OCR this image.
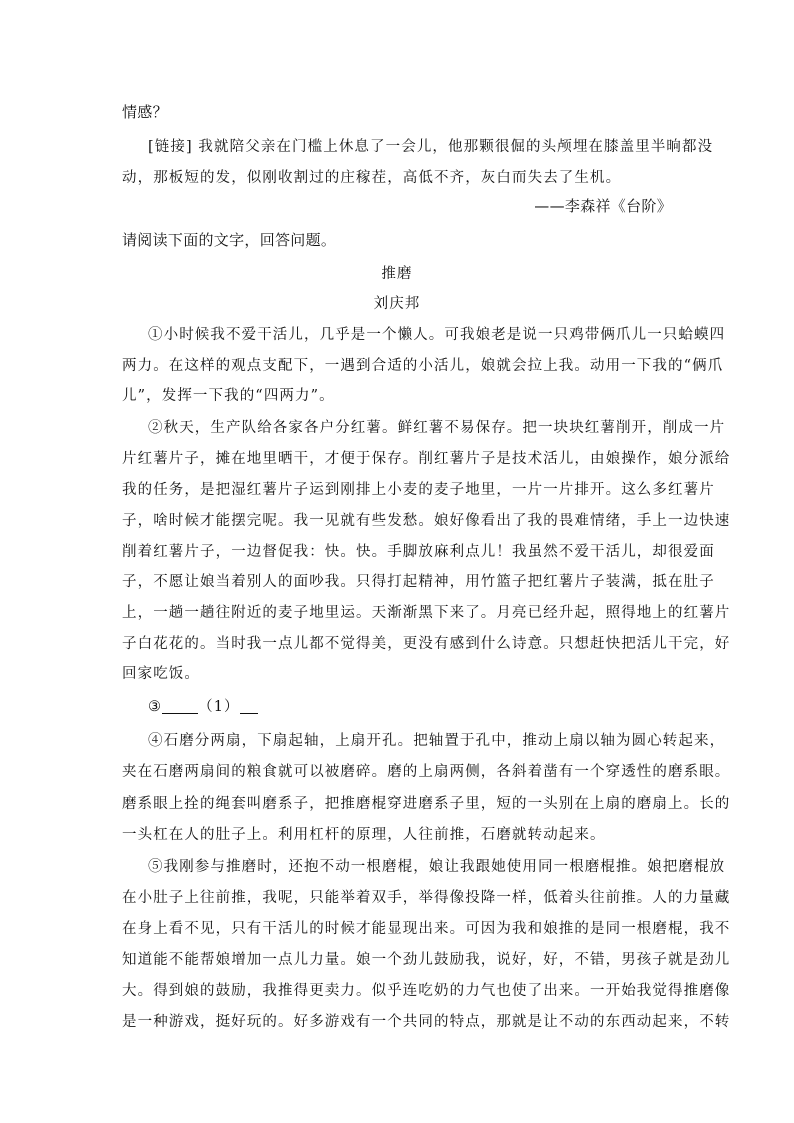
情感？
[链接] 我就陪父亲在门槛上休息了一会儿，他那颗很倔的头颅埋在膝盖里半晌都没
动，那板短的发，似刚收割过的庄稼茬，高低不齐，灰白而失去了生机。
——李森祥《台阶》
请阅读下面的文字，回答问题。
推磨
刘庆邦
①小时候我不爱干活儿，几乎是一个懒人。可我娘老是说一只鸡带俩爪儿一只蛤蟆四
两力。在这样的观点支配下，一遇到合适的小活儿，娘就会拉上我。动用一下我的“俩爪
儿”，发挥一下我的“四两力”。
②秋天，生产队给各家各户分红薯。鲜红薯不易保存。把一块块红薯削开，削成一片
片红薯片子，摊在地里晒干，才便于保存。削红薯片子是技术活儿，由娘操作，娘分派给
我的任务，是把湿红薯片子运到刚排上小麦的麦子地里，一片一片排开。这么多红薯片
子，啥时候才能摆完呢。我一见就有些发愁。娘好像看出了我的畏难情绪，手上一边快速
削着红薯片子，一边督促我：快。快。手脚放麻利点儿！我虽然不爱干活儿，却很爱面
子，不愿让娘当着别人的面吵我。只得打起精神，用竹篮子把红薯片子装满，抵在肚子
上，一趟一趟往附近的麦子地里运。天渐渐黑下来了。月亮已经升起，照得地上的红薯片
子白花花的。当时我一点儿都不觉得美，更没有感到什么诗意。只想赶快把活儿干完，好
回家吃饭。
③ （1）
④石磨分两扇，下扇起轴，上扇开孔。把轴置于孔中，推动上扇以轴为圆心转起来，
夹在石磨两扇间的粮食就可以被磨碎。磨的上扇两侧，各斜着凿有一个穿透性的磨系眼。
磨系眼上拴的绳套叫磨系子，把推磨棍穿进磨系子里，短的一头别在上扇的磨扇上。长的
一头杠在人的肚子上。利用杠杆的原理，人往前推，石磨就转动起来。
⑤我刚参与推磨时，还抱不动一根磨棍，娘让我跟她使用同一根磨棍推。娘把磨棍放
在小肚子上往前推，我呢，只能举着双手，举得像投降一样，低着头往前推。人的力量藏
在身上看不见，只有干活儿的时候才能显现出来。可因为我和娘推的是同一根磨棍，我不
知道能不能帮娘增加一点儿力量。娘一个劲儿鼓励我，说好，好，不错，男孩子就是劲儿
大。得到娘的鼓励，我推得更卖力。似乎连吃奶的力气也使了出来。一开始我觉得推磨像
是一种游戏，挺好玩的。好多游戏有一个共同的特点，那就是让不动的东西动起来，不转
